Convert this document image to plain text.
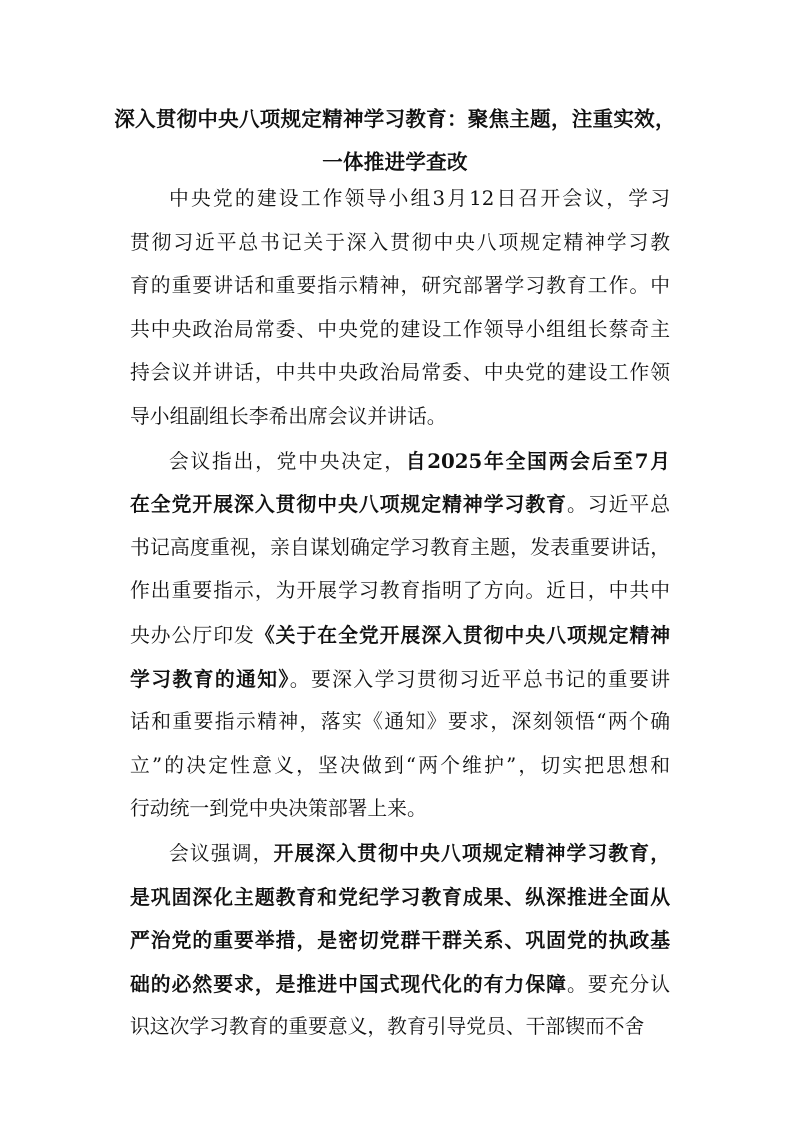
深入贯彻中央八项规定精神学习教育：聚焦主题，注重实效，
一体推进学查改
中央党的建设工作领导小组3月12日召开会议，学习
贯彻习近平总书记关于深入贯彻中央八项规定精神学习教
育的重要讲话和重要指示精神，研究部署学习教育工作。中
共中央政治局常委、中央党的建设工作领导小组组长蔡奇主
持会议并讲话，中共中央政治局常委、中央党的建设工作领
导小组副组长李希出席会议并讲话。
会议指出，党中央决定，自2025年全国两会后至7月
在全党开展深入贯彻中央八项规定精神学习教育。习近平总
书记高度重视，亲自谋划确定学习教育主题，发表重要讲话，
作出重要指示，为开展学习教育指明了方向。近日，中共中
央办公厅印发《关于在全党开展深入贯彻中央八项规定精神
学习教育的通知》。要深入学习贯彻习近平总书记的重要讲
话和重要指示精神，落实《通知》要求，深刻领悟“两个确
立”的决定性意义，坚决做到“两个维护”，切实把思想和
行动统一到党中央决策部署上来。
会议强调，开展深入贯彻中央八项规定精神学习教育，
是巩固深化主题教育和党纪学习教育成果、纵深推进全面从
严治党的重要举措，是密切党群干群关系、巩固党的执政基
础的必然要求，是推进中国式现代化的有力保障。要充分认
识这次学习教育的重要意义，教育引导党员、干部锲而不舍
